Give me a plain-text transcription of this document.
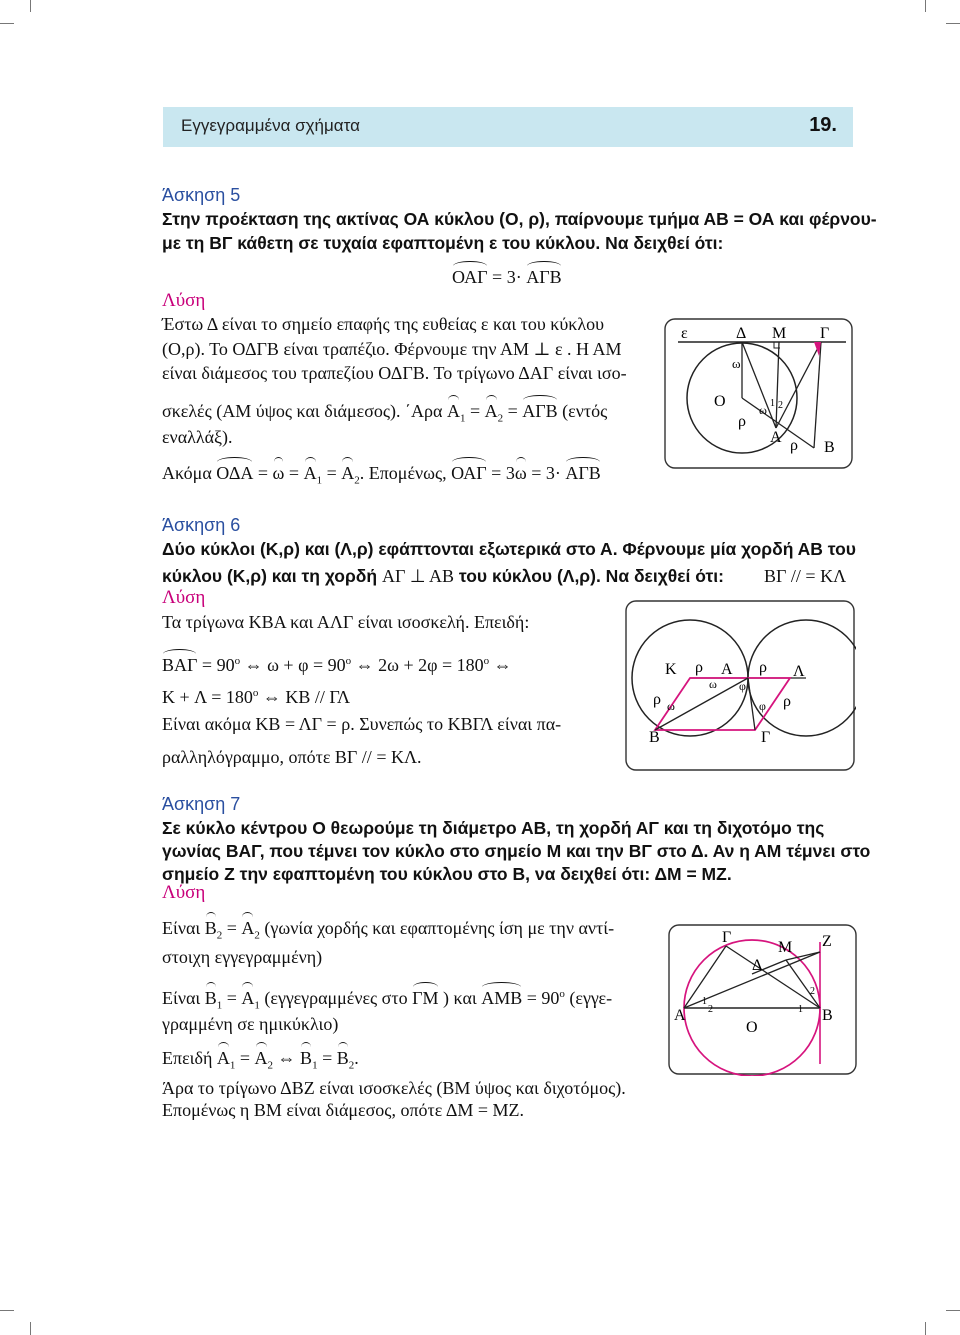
Εγγεγραμμένα σχήματα	19.
Άσκηση 5
Στην προέκταση της ακτίνας ΟΑ κύκλου (Ο, ρ), παίρνουμε τμήμα ΑΒ = ΟΑ και φέρνου-
με τη ΒΓ κάθετη σε τυχαία εφαπτομένη ε του κύκλου. Να δειχθεί ότι:
ΟΑΓ = 3· ΑΓΒ
Λύση
Έστω Δ είναι το σημείο επαφής της ευθείας ε και του κύκλου
(Ο,ρ). Το ΟΔΓΒ είναι τραπέζιο. Φέρνουμε την ΑΜ ⊥ ε . Η ΑΜ
είναι διάμεσος του τραπεζίου ΟΔΓΒ. Το τρίγωνο ΔΑΓ είναι ισο-
σκελές (ΑΜ ύψος και διάμεσος). ΄Αρα $A_1 = A_2 = A\Gamma B$ (εντός
εναλλάξ).
Ακόμα $O\Delta A = \omega = A_1 = A_2$. Επομένως, ΟΑΓ = 3ω = 3· ΑΓΒ
ε	Δ Μ Γ
ω
Ο
ρ
ω 1 2
Α ρ Β
Άσκηση 6
Δύο κύκλοι (Κ,ρ) και (Λ,ρ) εφάπτονται εξωτερικά στο Α. Φέρνουμε μία χορδή ΑΒ του
κύκλου (Κ,ρ) και τη χορδή ΑΓ ⊥ ΑΒ του κύκλου (Λ,ρ). Να δειχθεί ότι: ΒΓ // = ΚΛ
Λύση
Τα τρίγωνα ΚΒΑ και ΑΛΓ είναι ισοσκελή. Επειδή:
$BA\Gamma = 90^o$ ⇔ $\omega + \varphi = 90^o$ ⇔ $2\omega + 2\varphi = 180^o$ ⇔
$K + \Lambda = 180^o$ ⇔ ΚΒ // ΓΛ
Είναι ακόμα ΚΒ = ΛΓ = ρ. Συνεπώς το ΚΒΓΛ είναι πα-
ραλληλόγραμμο, οπότε ΒΓ // = ΚΛ.
Κ ρ Α ρ Λ
ω φ
ρ ω	φ ρ
Β	Γ
Άσκηση 7
Σε κύκλο κέντρου Ο θεωρούμε τη διάμετρο ΑΒ, τη χορδή ΑΓ και τη διχοτόμο της
γωνίας ΒΑΓ, που τέμνει τον κύκλο στο σημείο Μ και την ΒΓ στο Δ. Αν η ΑΜ τέμνει στο
σημείο Ζ την εφαπτομένη του κύκλου στο Β, να δειχθεί ότι: ΔΜ = ΜΖ.
Λύση
Είναι $B_2 = A_2$ (γωνία χορδής και εφαπτομένης ίση με την αντί-
στοιχη εγγεγραμμένη)
Είναι $B_1 = A_1$ (εγγεγραμμένες στο ΓΜ ) και $AMB = 90^o$ (εγγε-
γραμμένη σε ημικύκλιο)
Επειδή $A_1 = A_2$ ⇔ $B_1 = B_2$.
Άρα το τρίγωνο ΔΒΖ είναι ισοσκελές (ΒΜ ύψος και διχοτόμος).
Επομένως η ΒΜ είναι διάμεσος, οπότε ΔΜ = ΜΖ.
Γ
Μ Ζ
Δ
1
2	1
2
Α
Ο
Β
